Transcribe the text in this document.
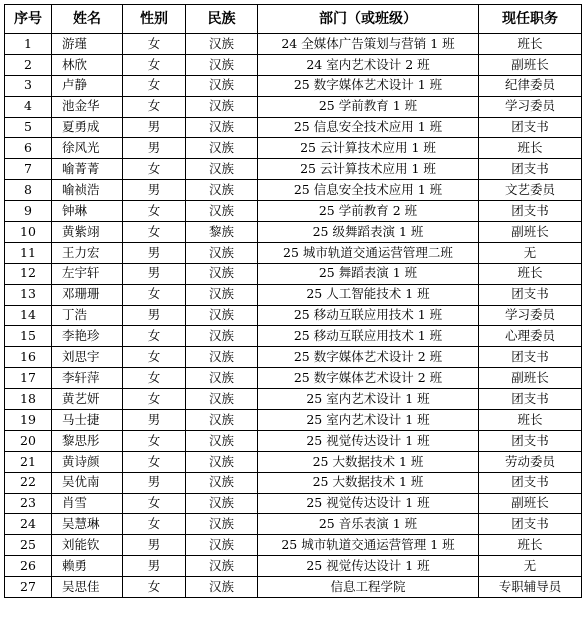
序号	姓名	性别	民族	部门（或班级）	现任职务
1	游瑾	女	汉族	24 全媒体广告策划与营销 1 班	班长
2	林欣	女	汉族	24 室内艺术设计 2 班	副班长
3	卢静	女	汉族	25 数字媒体艺术设计 1 班	纪律委员
4	池金华	女	汉族	25 学前教育 1 班	学习委员
5	夏勇成	男	汉族	25 信息安全技术应用 1 班	团支书
6	徐风光	男	汉族	25 云计算技术应用 1 班	班长
7	喻菁菁	女	汉族	25 云计算技术应用 1 班	团支书
8	喻祯浩	男	汉族	25 信息安全技术应用 1 班	文艺委员
9	钟琳	女	汉族	25 学前教育 2 班	团支书
10	黄紫翊	女	黎族	25 级舞蹈表演 1 班	副班长
11	王力宏	男	汉族	25 城市轨道交通运营管理二班	无
12	左宇轩	男	汉族	25 舞蹈表演 1 班	班长
13	邓珊珊	女	汉族	25 人工智能技术 1 班	团支书
14	丁浩	男	汉族	25 移动互联应用技术 1 班	学习委员
15	李艳珍	女	汉族	25 移动互联应用技术 1 班	心理委员
16	刘思宇	女	汉族	25 数字媒体艺术设计 2 班	团支书
17	李轩萍	女	汉族	25 数字媒体艺术设计 2 班	副班长
18	黄艺妍	女	汉族	25 室内艺术设计 1 班	团支书
19	马士捷	男	汉族	25 室内艺术设计 1 班	班长
20	黎思彤	女	汉族	25 视觉传达设计 1 班	团支书
21	黄诗颜	女	汉族	25 大数据技术 1 班	劳动委员
22	吴优南	男	汉族	25 大数据技术 1 班	团支书
23	肖雪	女	汉族	25 视觉传达设计 1 班	副班长
24	吴慧琳	女	汉族	25 音乐表演 1 班	团支书
25	刘能钦	男	汉族	25 城市轨道交通运营管理 1 班	班长
26	赖勇	男	汉族	25 视觉传达设计 1 班	无
27	吴思佳	女	汉族	信息工程学院	专职辅导员
